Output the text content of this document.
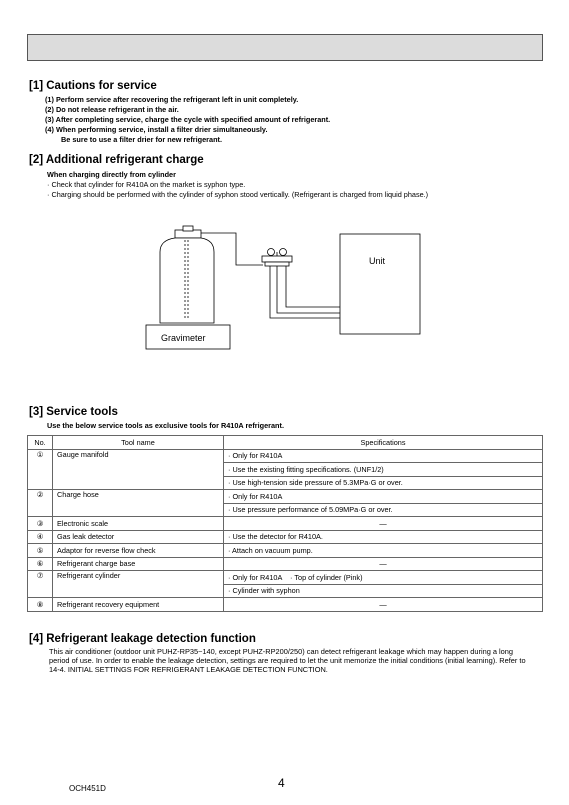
[1] Cautions for service
(1) Perform service after recovering the refrigerant left in unit completely.
(2) Do not release refrigerant in the air.
(3) After completing service, charge the cycle with specified amount of refrigerant.
(4) When performing service, install a filter drier simultaneously.
Be sure to use a filter drier for new refrigerant.
[2] Additional refrigerant charge
When charging directly from cylinder
· Check that cylinder for R410A on the market is syphon type.
· Charging should be performed with the cylinder of syphon stood vertically. (Refrigerant is charged from liquid phase.)
Unit
Gravimeter
[3] Service tools
Use the below service tools as exclusive tools for R410A refrigerant.
No.	Tool name	Specifications
①	Gauge manifold	· Only for R410A
		· Use the existing fitting specifications. (UNF1/2)
		· Use high-tension side pressure of 5.3MPa·G or over.
②	Charge hose	· Only for R410A
		· Use pressure performance of 5.09MPa·G or over.
③	Electronic scale	—
④	Gas leak detector	· Use the detector for R410A.
⑤	Adaptor for reverse flow check	· Attach on vacuum pump.
⑥	Refrigerant charge base	—
⑦	Refrigerant cylinder	· Only for R410A    · Top of cylinder (Pink)
		· Cylinder with syphon
⑧	Refrigerant recovery equipment	—
[4] Refrigerant leakage detection function
This air conditioner (outdoor unit PUHZ-RP35~140, except PUHZ-RP200/250) can detect refrigerant leakage which may happen during a long period of use. In order to enable the leakage detection, settings are required to let the unit memorize the initial conditions (initial learning). Refer to 14-4. INITIAL SETTINGS FOR REFRIGERANT LEAKAGE DETECTION FUNCTION.
OCH451D	4
